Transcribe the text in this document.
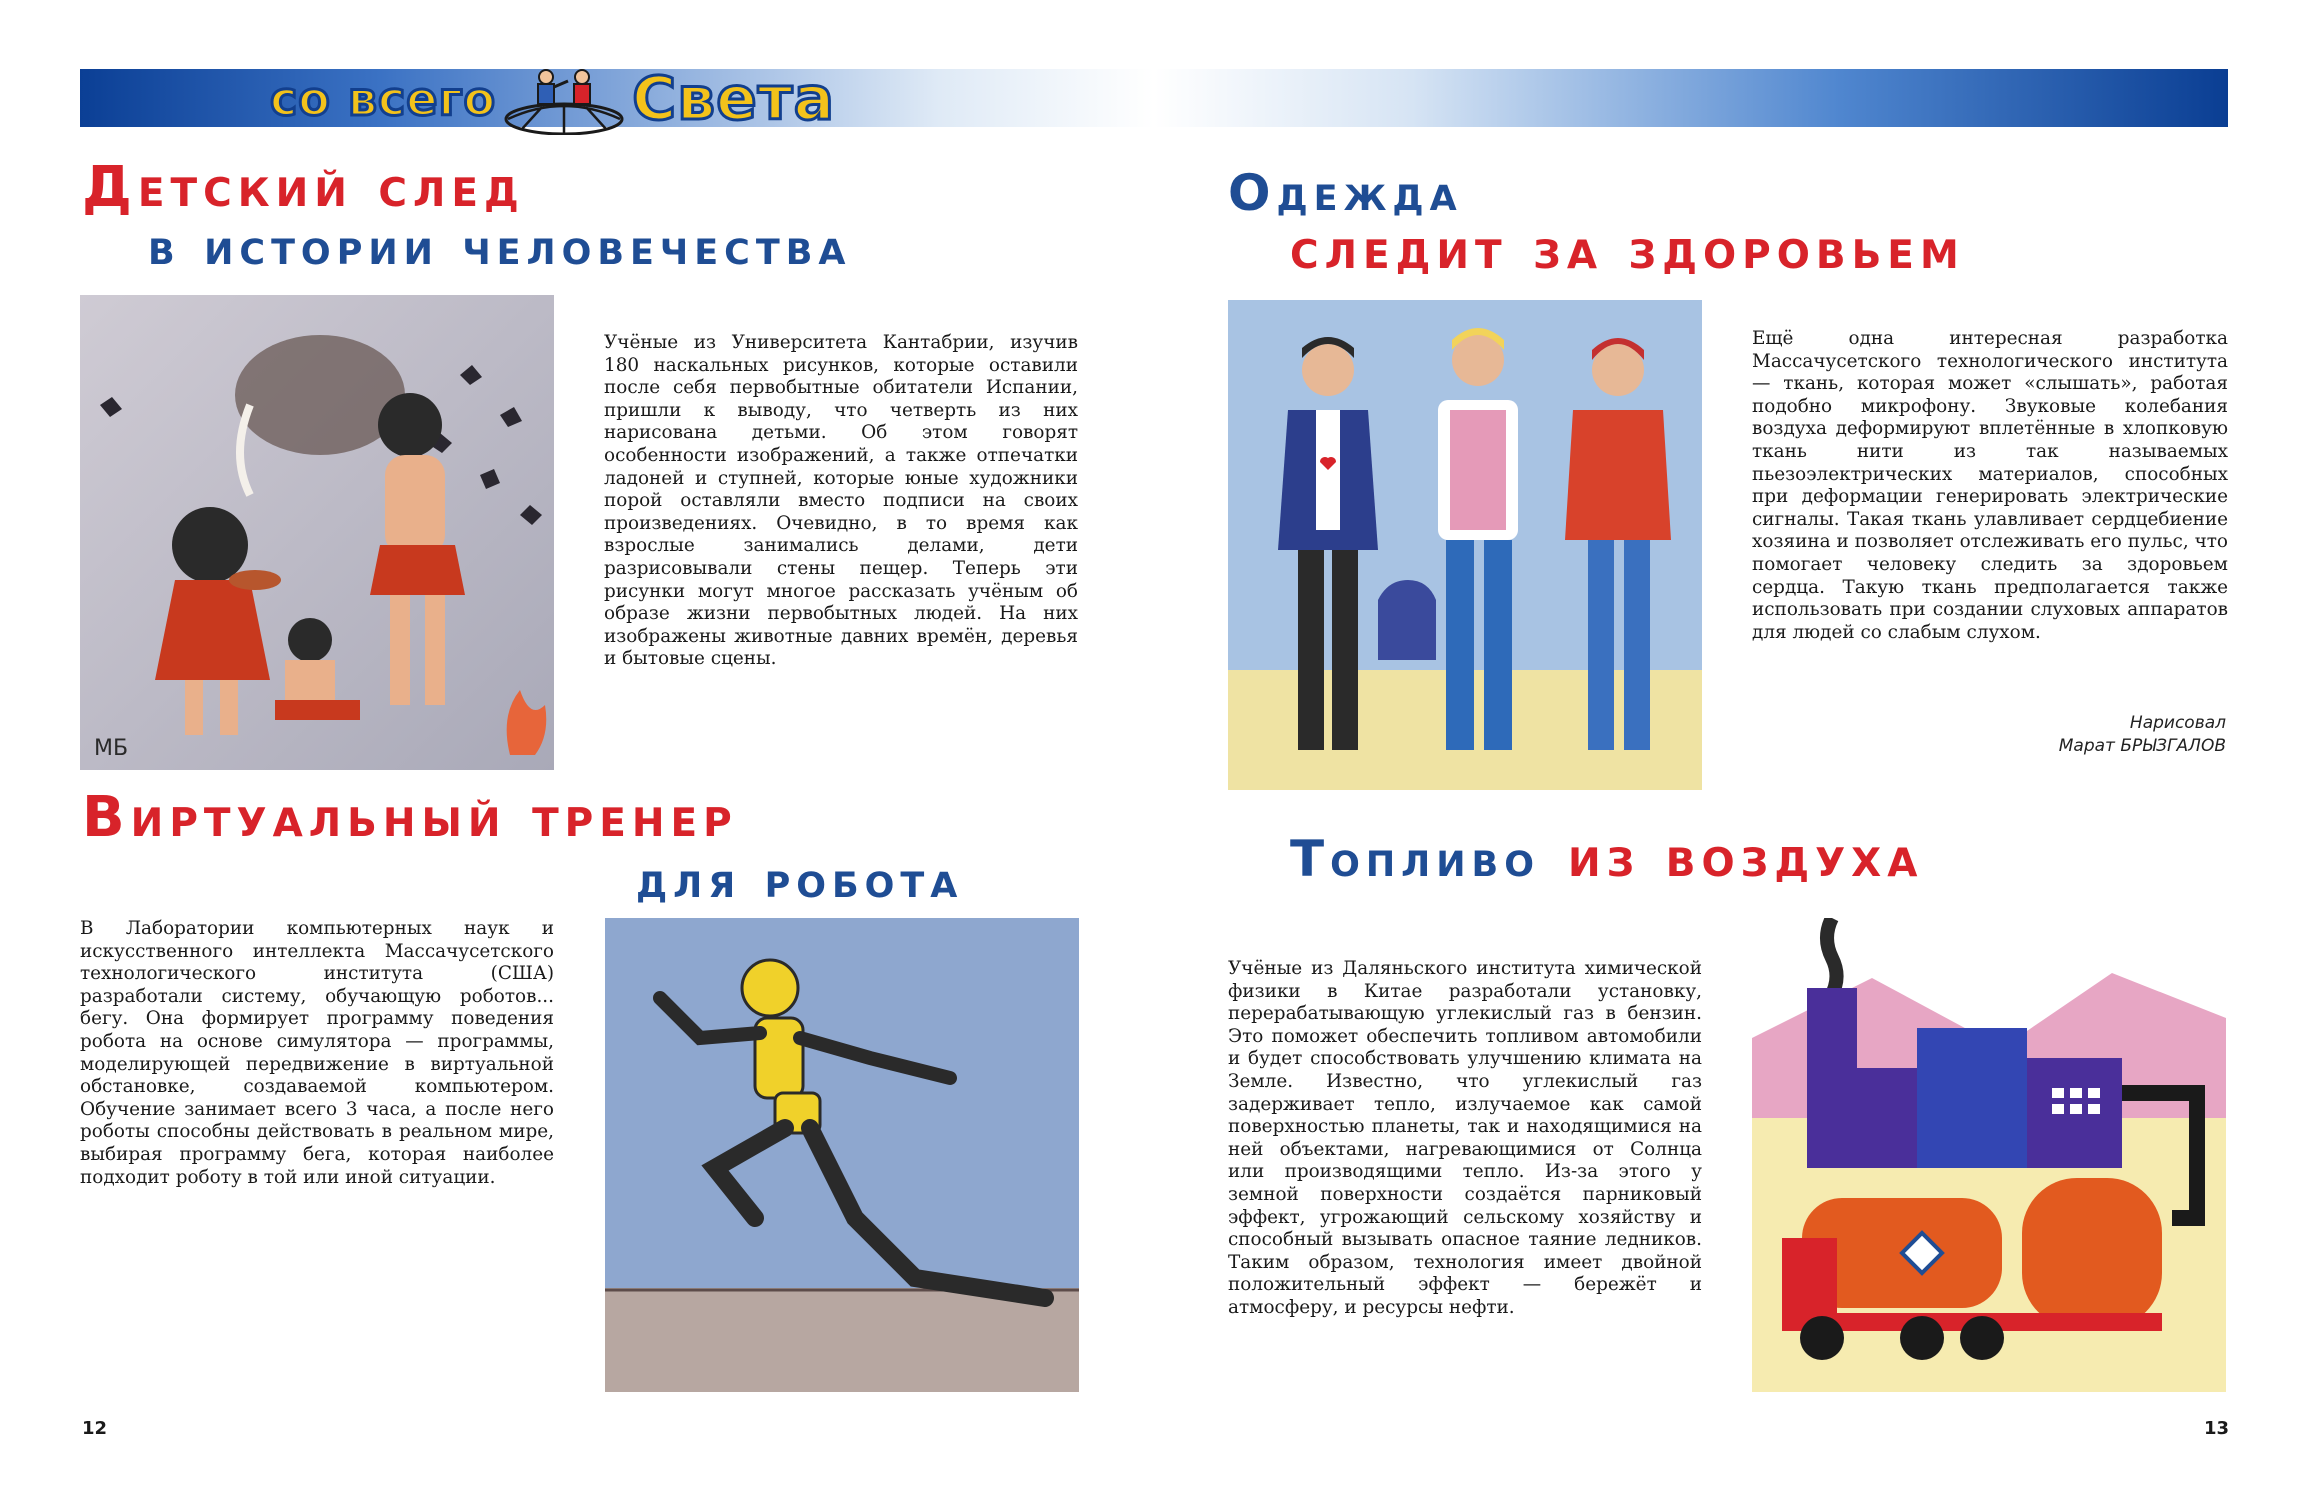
со всего Света
Детский след
в истории человечества
МБ
Учёные из Университета Кантабрии, изучив 180 наскальных рисунков, которые оставили после себя первобытные обитатели Испании, пришли к выводу, что четверть из них нарисована детьми. Об этом говорят особенности изображений, а также отпечатки ладоней и ступней, которые юные художники порой оставляли вместо подписи на своих произведениях. Очевидно, в то время как взрослые занимались делами, дети разрисовывали стены пещер. Теперь эти рисунки могут многое рассказать учёным об образе жизни первобытных людей. На них изображены животные давних времён, деревья и бытовые сцены.
Виртуальный тренер
для робота
В Лаборатории компьютерных наук и искусственного интеллекта Массачусетского технологического института (США) разработали систему, обучающую роботов... бегу. Она формирует программу поведения робота на основе симулятора — программы, моделирующей передвижение в виртуальной обстановке, создаваемой компьютером. Обучение занимает всего 3 часа, а после него роботы способны действовать в реальном мире, выбирая программу бега, которая наиболее подходит роботу в той или иной ситуации.
Одежда
следит за здоровьем
Ещё одна интересная разработка Массачусетского технологического института — ткань, которая может «слышать», работая подобно микрофону. Звуковые колебания воздуха деформируют вплетённые в хлопковую ткань нити из так называемых пьезоэлектрических материалов, способных при деформации генерировать электрические сигналы. Такая ткань улавливает сердцебиение хозяина и позволяет отслеживать его пульс, что помогает человеку следить за здоровьем сердца. Такую ткань предполагается также использовать при создании слуховых аппаратов для людей со слабым слухом.
Нарисовал
Марат БРЫЗГАЛОВ
Топливо из воздуха
Учёные из Даляньского института химической физики в Китае разработали установку, перерабатывающую углекислый газ в бензин. Это поможет обеспечить топливом автомобили и будет способствовать улучшению климата на Земле. Известно, что углекислый газ задерживает тепло, излучаемое как самой поверхностью планеты, так и находящимися на ней объектами, нагревающимися от Солнца или производящими тепло. Из-за этого у земной поверхности создаётся парниковый эффект, угрожающий сельскому хозяйству и способный вызывать опасное таяние ледников. Таким образом, технология имеет двойной положительный эффект — бережёт и атмосферу, и ресурсы нефти.
12	13
